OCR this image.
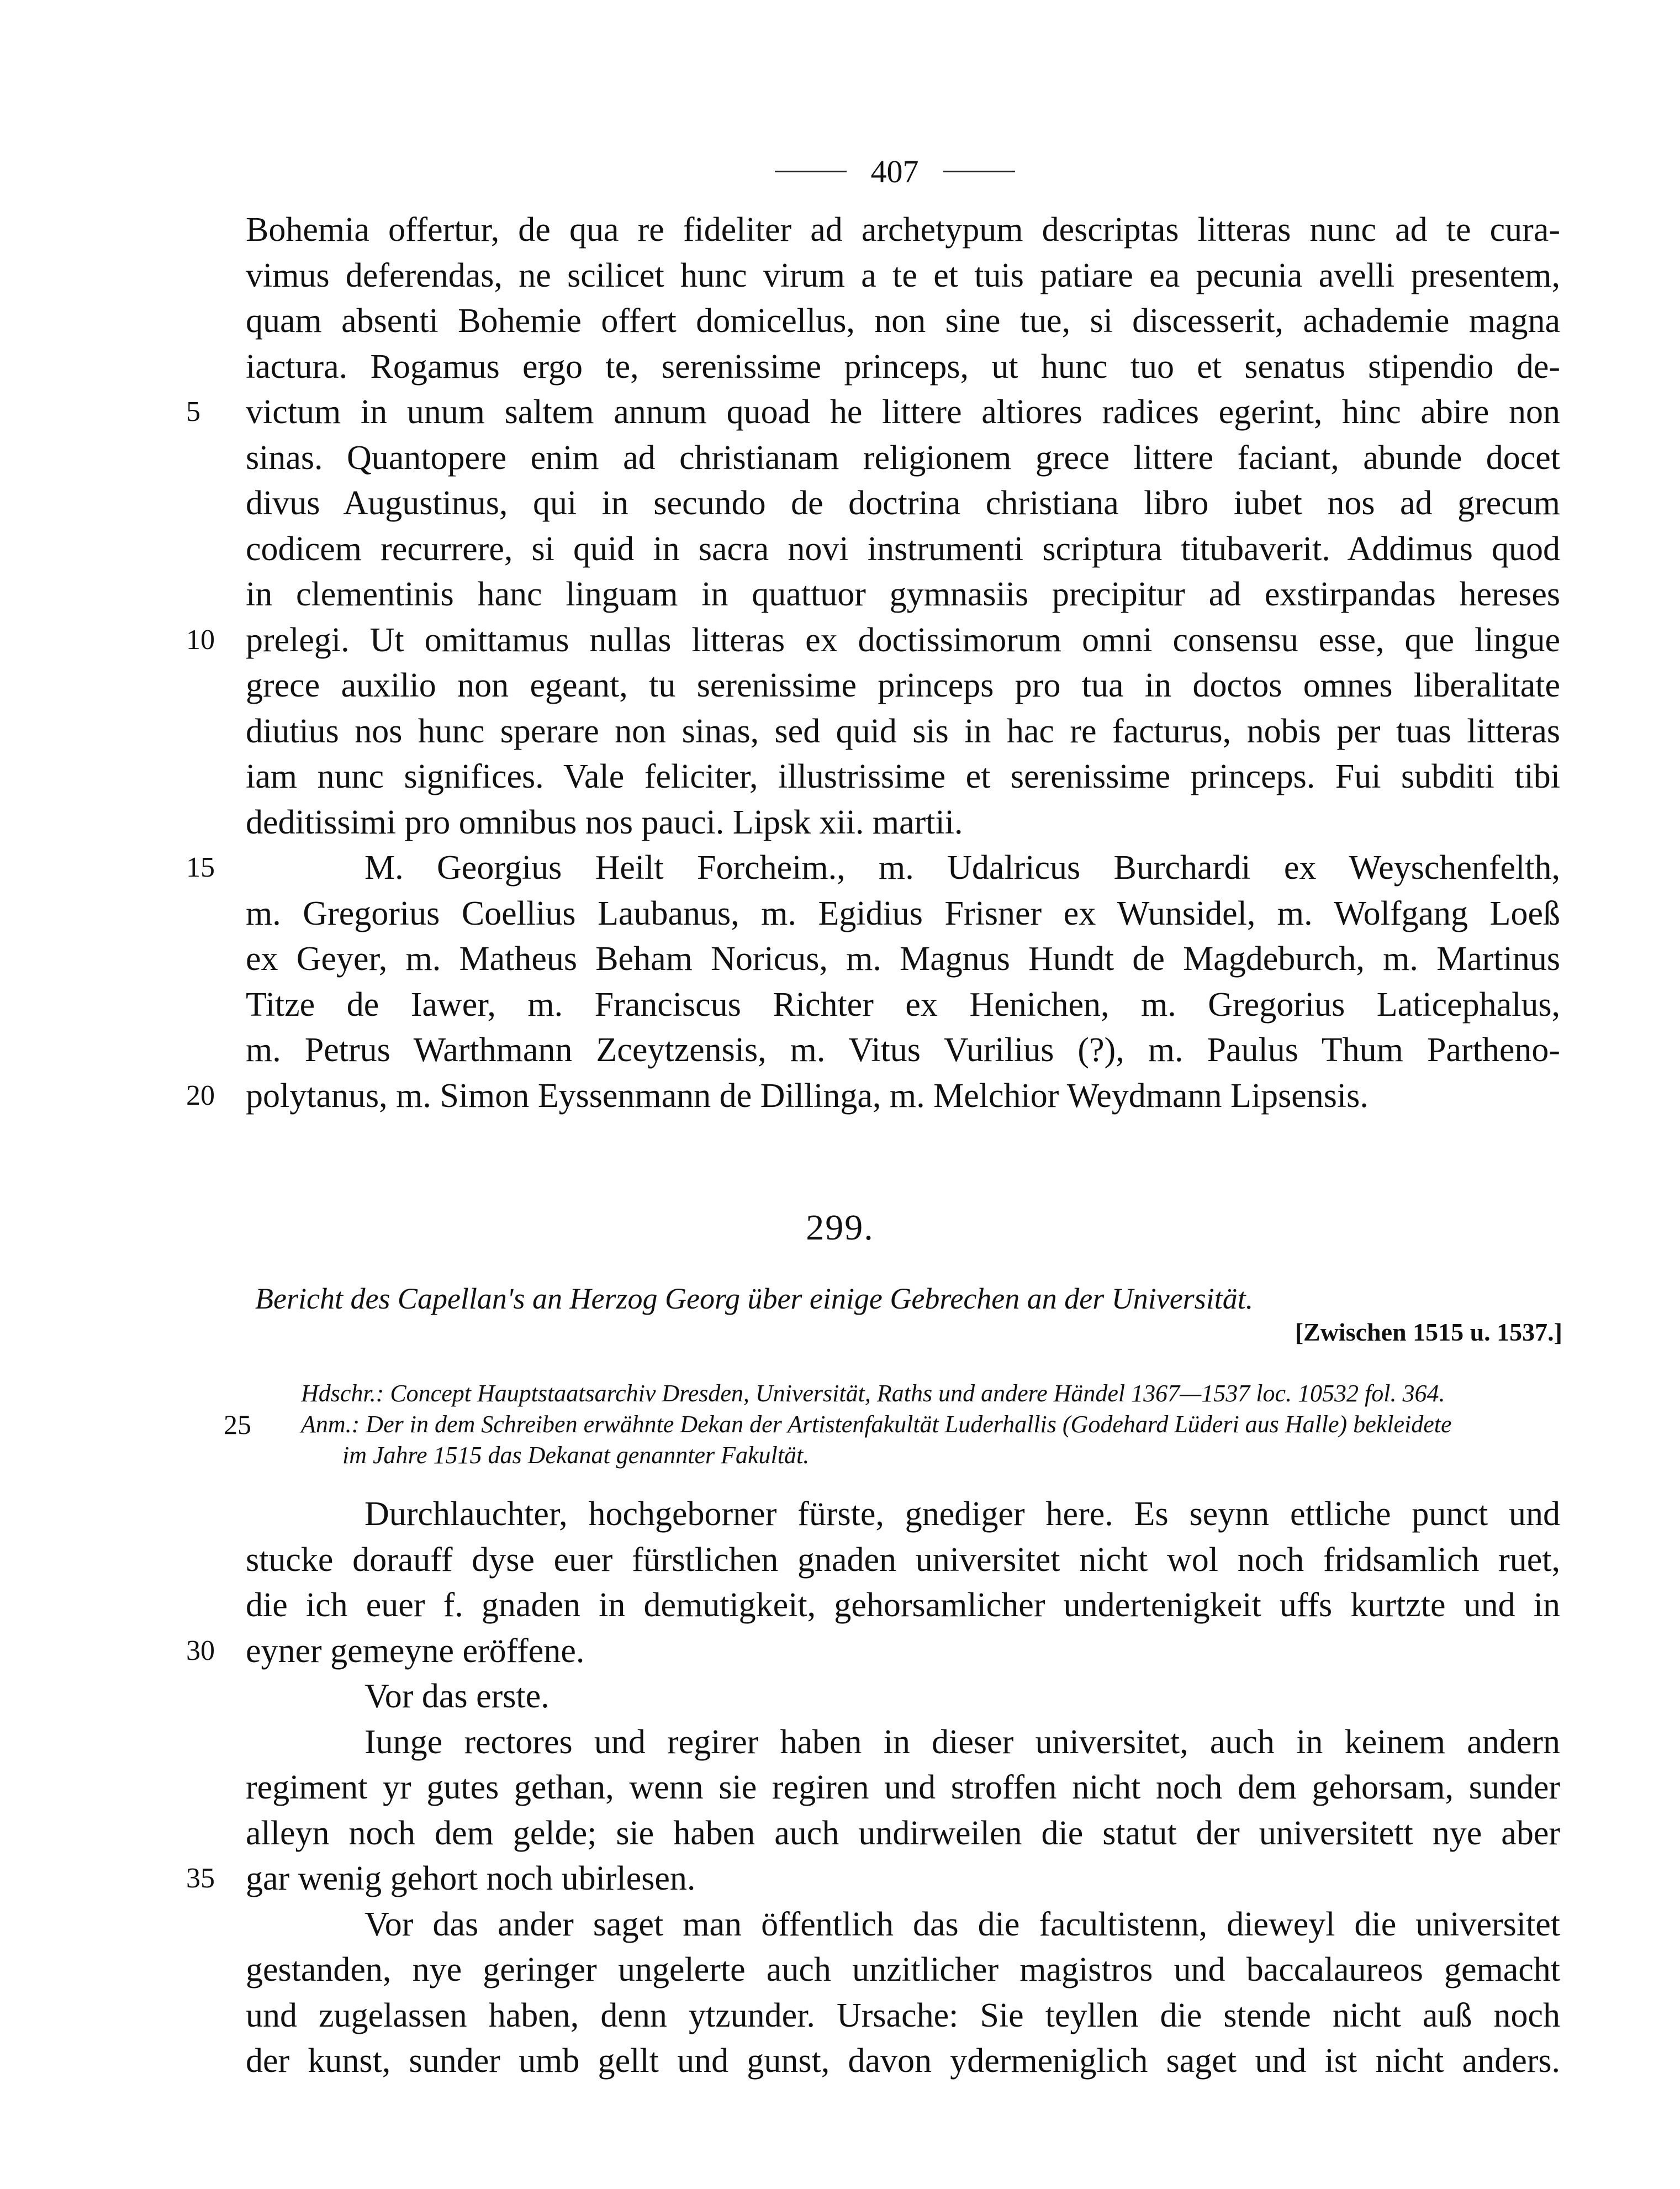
407
Bohemia offertur, de qua re fideliter ad archetypum descriptas litteras nunc ad te cura-
vimus deferendas, ne scilicet hunc virum a te et tuis patiare ea pecunia avelli presentem,
quam absenti Bohemie offert domicellus, non sine tue, si discesserit, achademie magna
iactura. Rogamus ergo te, serenissime princeps, ut hunc tuo et senatus stipendio de-
5	victum in unum saltem annum quoad he littere altiores radices egerint, hinc abire non
sinas. Quantopere enim ad christianam religionem grece littere faciant, abunde docet
divus Augustinus, qui in secundo de doctrina christiana libro iubet nos ad grecum
codicem recurrere, si quid in sacra novi instrumenti scriptura titubaverit. Addimus quod
in clementinis hanc linguam in quattuor gymnasiis precipitur ad exstirpandas hereses
10 prelegi. Ut omittamus nullas litteras ex doctissimorum omni consensu esse, que lingue
grece auxilio non egeant, tu serenissime princeps pro tua in doctos omnes liberalitate
diutius nos hunc sperare non sinas, sed quid sis in hac re facturus, nobis per tuas litteras
iam nunc significes. Vale feliciter, illustrissime et serenissime princeps. Fui subditi tibi
deditissimi pro omnibus nos pauci. Lipsk xii. martii.
15	M. Georgius Heilt Forcheim., m. Udalricus Burchardi ex Weyschenfelth,
m. Gregorius Coellius Laubanus, m. Egidius Frisner ex Wunsidel, m. Wolfgang Loeß
ex Geyer, m. Matheus Beham Noricus, m. Magnus Hundt de Magdeburch, m. Martinus
Titze de Iawer, m. Franciscus Richter ex Henichen, m. Gregorius Laticephalus,
m. Petrus Warthmann Zceytzensis, m. Vitus Vurilius (?), m. Paulus Thum Partheno-
20 polytanus, m. Simon Eyssenmann de Dillinga, m. Melchior Weydmann Lipsensis.
299.
Bericht des Capellan's an Herzog Georg über einige Gebrechen an der Universität.
[Zwischen 1515 u. 1537.]
Hdschr.: Concept Hauptstaatsarchiv Dresden, Universität, Raths und andere Händel 1367—1537 loc. 10532 fol. 364.
25	Anm.: Der in dem Schreiben erwähnte Dekan der Artistenfakultät Luderhallis (Godehard Lüderi aus Halle) bekleidete
im Jahre 1515 das Dekanat genannter Fakultät.
Durchlauchter, hochgeborner fürste, gnediger here. Es seynn ettliche punct und
stucke dorauff dyse euer fürstlichen gnaden universitet nicht wol noch fridsamlich ruet,
die ich euer f. gnaden in demutigkeit, gehorsamlicher undertenigkeit uffs kurtzte und in
30 eyner gemeyne eröffene.
Vor das erste.
Iunge rectores und regirer haben in dieser universitet, auch in keinem andern
regiment yr gutes gethan, wenn sie regiren und stroffen nicht noch dem gehorsam, sunder
alleyn noch dem gelde; sie haben auch undirweilen die statut der universitett nye aber
35 gar wenig gehort noch ubirlesen.
Vor das ander saget man öffentlich das die facultistenn, dieweyl die universitet
gestanden, nye geringer ungelerte auch unzitlicher magistros und baccalaureos gemacht
und zugelassen haben, denn ytzunder. Ursache: Sie teyllen die stende nicht auß noch
der kunst, sunder umb gellt und gunst, davon ydermeniglich saget und ist nicht anders.
